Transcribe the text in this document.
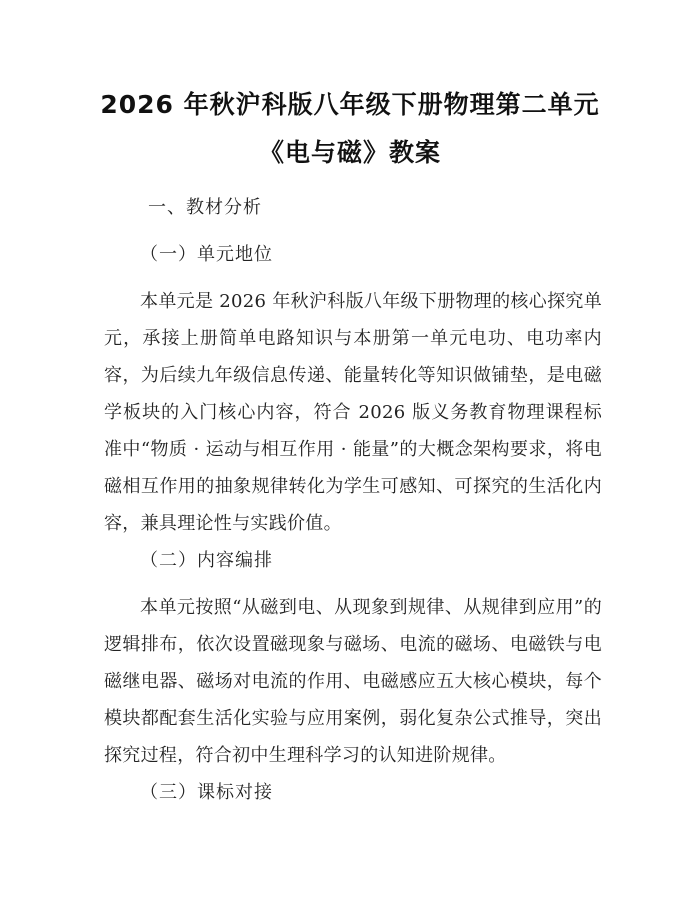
2026 年秋沪科版八年级下册物理第二单元
《电与磁》教案
一、教材分析
（一）单元地位
本单元是 2026 年秋沪科版八年级下册物理的核心探究单元，承接上册简单电路知识与本册第一单元电功、电功率内容，为后续九年级信息传递、能量转化等知识做铺垫，是电磁学板块的入门核心内容，符合 2026 版义务教育物理课程标准中“物质 · 运动与相互作用 · 能量”的大概念架构要求，将电磁相互作用的抽象规律转化为学生可感知、可探究的生活化内容，兼具理论性与实践价值。
（二）内容编排
本单元按照“从磁到电、从现象到规律、从规律到应用”的逻辑排布，依次设置磁现象与磁场、电流的磁场、电磁铁与电磁继电器、磁场对电流的作用、电磁感应五大核心模块，每个模块都配套生活化实验与应用案例，弱化复杂公式推导，突出探究过程，符合初中生理科学习的认知进阶规律。
（三）课标对接
